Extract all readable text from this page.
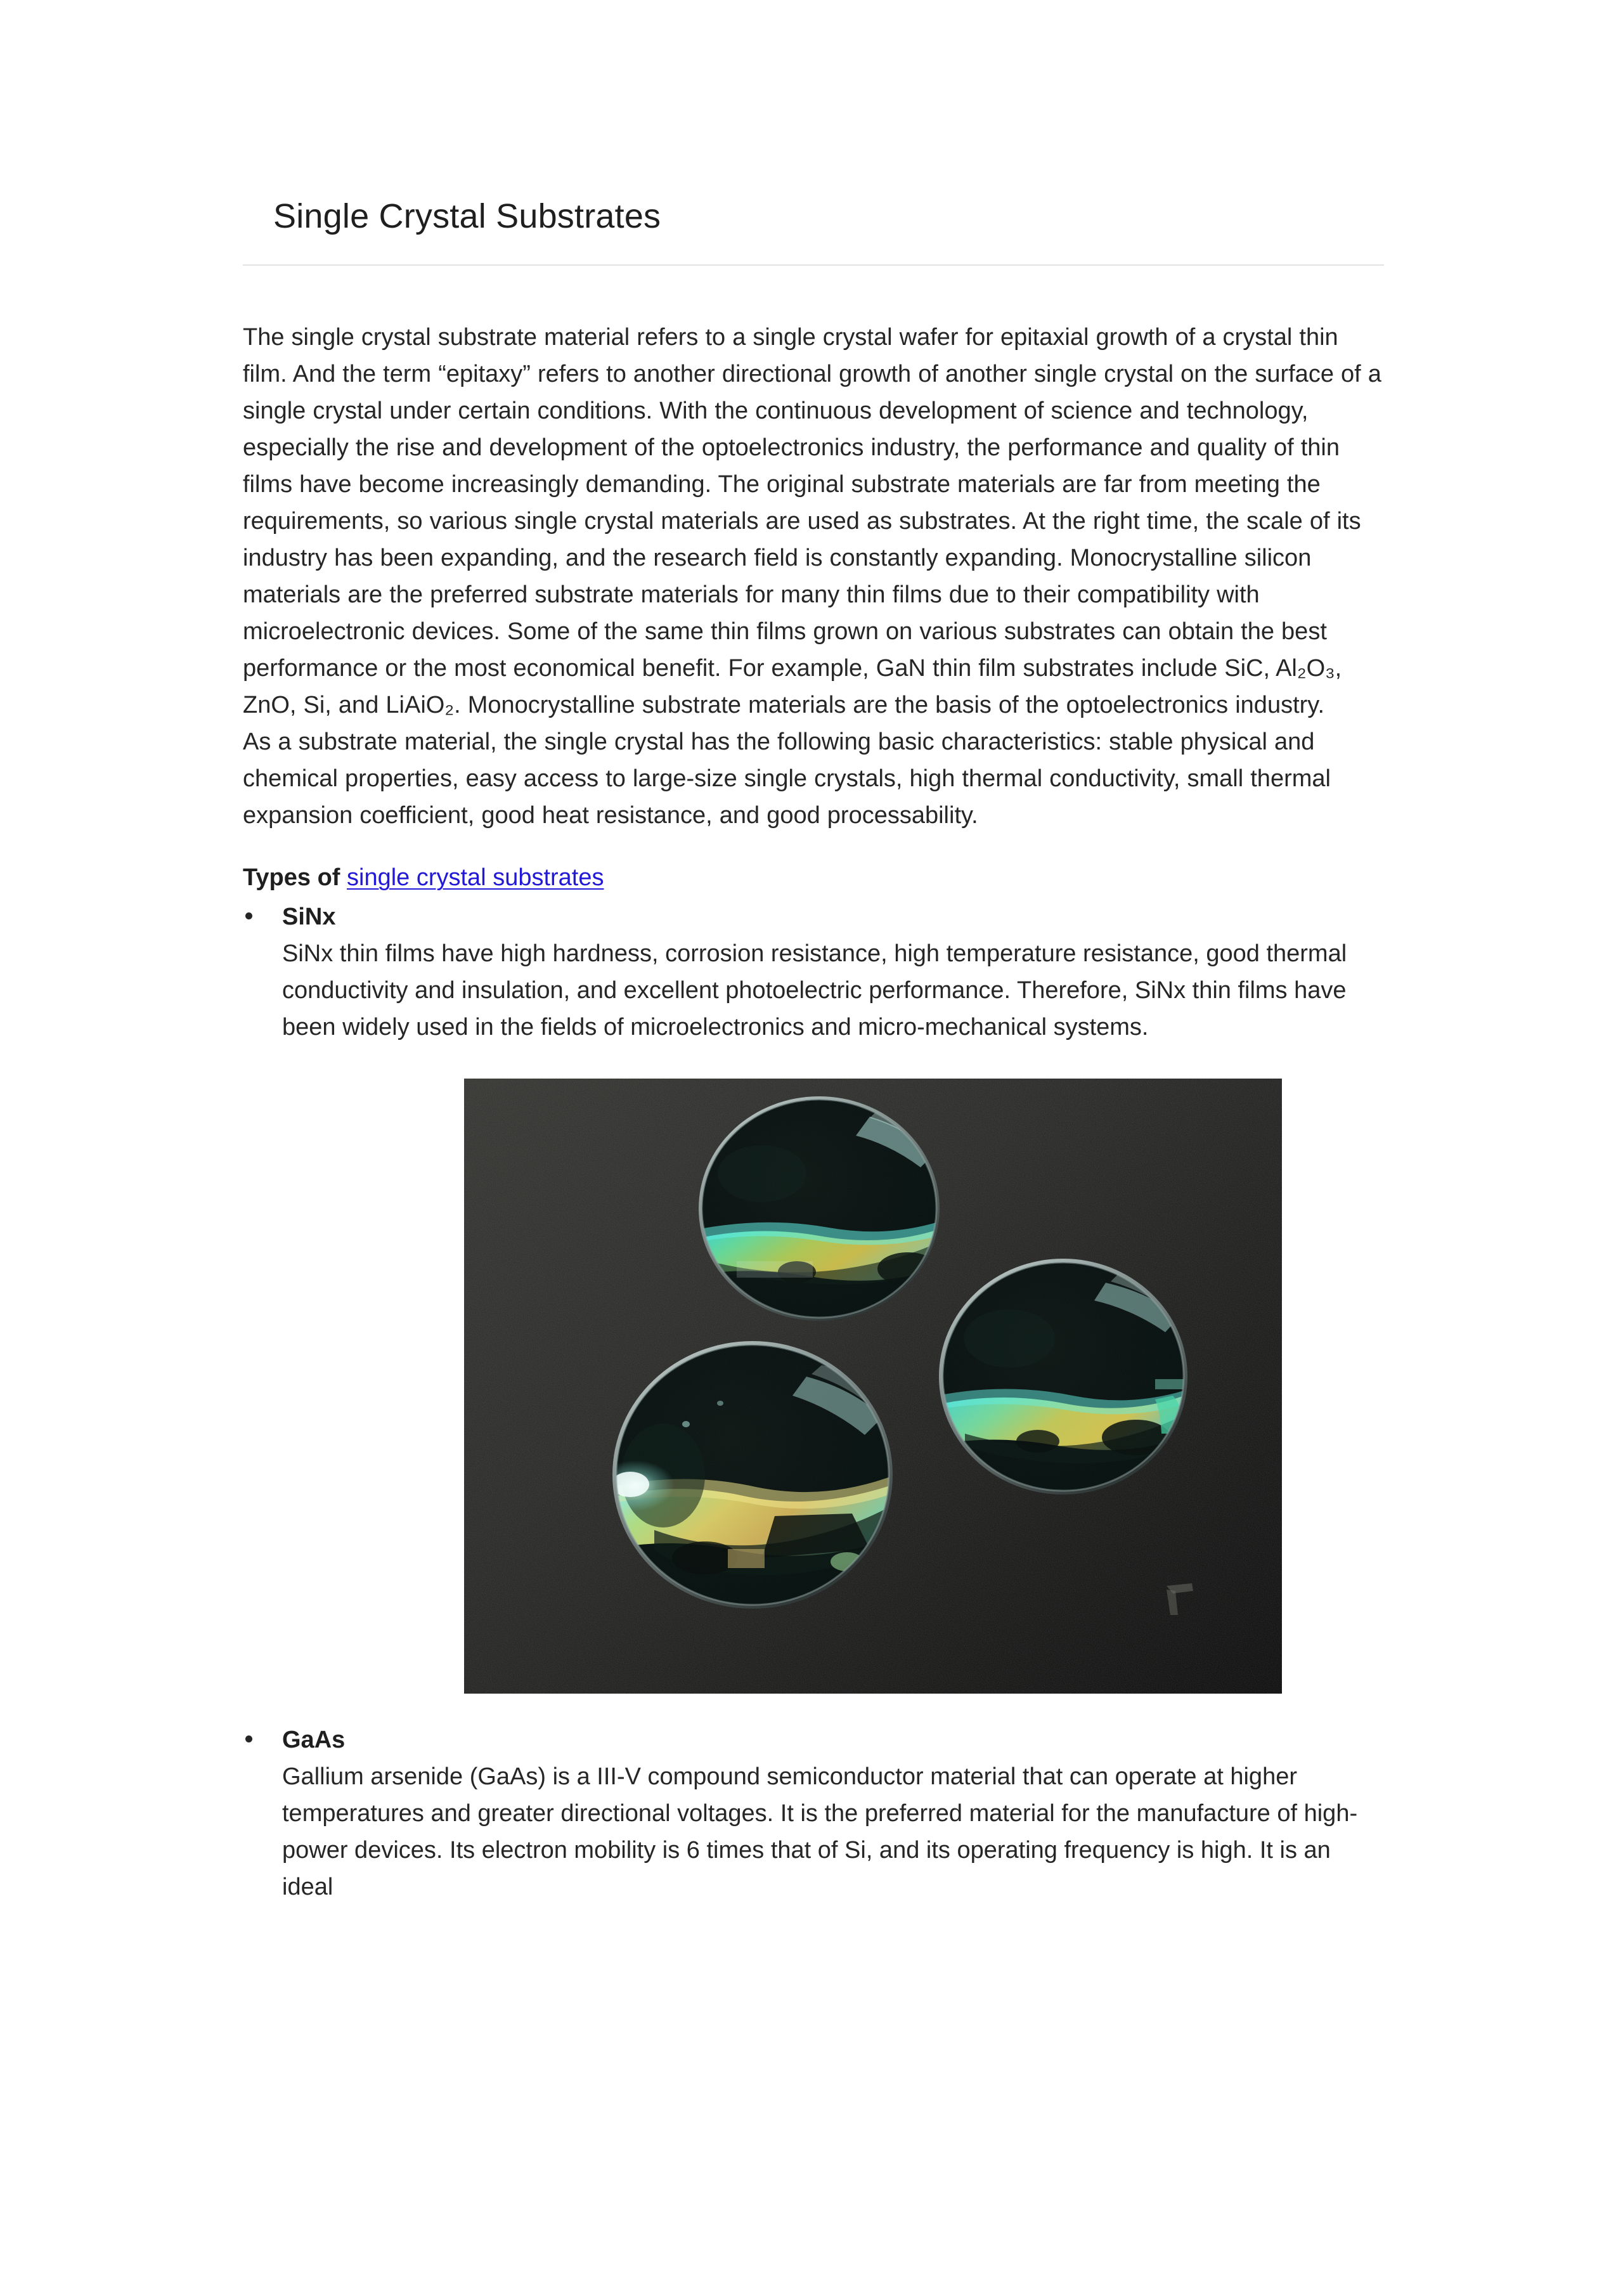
Single Crystal Substrates

The single crystal substrate material refers to a single crystal wafer for epitaxial growth of a crystal thin film. And the term “epitaxy” refers to another directional growth of another single crystal on the surface of a single crystal under certain conditions. With the continuous development of science and technology, especially the rise and development of the optoelectronics industry, the performance and quality of thin films have become increasingly demanding. The original substrate materials are far from meeting the requirements, so various single crystal materials are used as substrates. At the right time, the scale of its industry has been expanding, and the research field is constantly expanding. Monocrystalline silicon materials are the preferred substrate materials for many thin films due to their compatibility with microelectronic devices. Some of the same thin films grown on various substrates can obtain the best performance or the most economical benefit. For example, GaN thin film substrates include SiC, Al₂O₃, ZnO, Si, and LiAiO₂. Monocrystalline substrate materials are the basis of the optoelectronics industry.

As a substrate material, the single crystal has the following basic characteristics: stable physical and chemical properties, easy access to large-size single crystals, high thermal conductivity, small thermal expansion coefficient, good heat resistance, and good processability.

Types of single crystal substrates
SiNx

SiNx thin films have high hardness, corrosion resistance, high temperature resistance, good thermal conductivity and insulation, and excellent photoelectric performance. Therefore, SiNx thin films have been widely used in the fields of microelectronics and micro-mechanical systems.

GaAs

Gallium arsenide (GaAs) is a III-V compound semiconductor material that can operate at higher temperatures and greater directional voltages. It is the preferred material for the manufacture of high-power devices. Its electron mobility is 6 times that of Si, and its operating frequency is high. It is an ideal
